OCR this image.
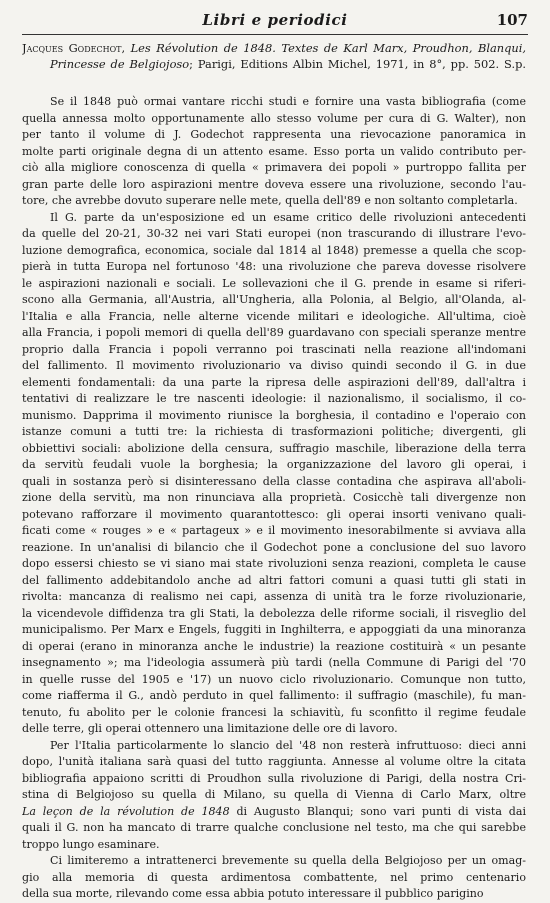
Libri e periodici	107
Jacques Godechot, Les Révolution de 1848. Textes de Karl Marx, Proudhon, Blanqui,
Princesse de Belgiojoso; Parigi, Editions Albin Michel, 1971, in 8°, pp. 502. S.p.
Se il 1848 può ormai vantare ricchi studi e fornire una vasta bibliografia (come
quella annessa molto opportunamente allo stesso volume per cura di G. Walter), non
per tanto il volume di J. Godechot rappresenta una rievocazione panoramica in
molte parti originale degna di un attento esame. Esso porta un valido contributo per-
ciò alla migliore conoscenza di quella « primavera dei popoli » purtroppo fallita per
gran parte delle loro aspirazioni mentre doveva essere una rivoluzione, secondo l'au-
tore, che avrebbe dovuto superare nelle mete, quella dell'89 e non soltanto completarla.
Il G. parte da un'esposizione ed un esame critico delle rivoluzioni antecedenti
da quelle del 20-21, 30-32 nei vari Stati europei (non trascurando di illustrare l'evo-
luzione demografica, economica, sociale dal 1814 al 1848) premesse a quella che scop-
pierà in tutta Europa nel fortunoso '48: una rivoluzione che pareva dovesse risolvere
le aspirazioni nazionali e sociali. Le sollevazioni che il G. prende in esame si riferi-
scono alla Germania, all'Austria, all'Ungheria, alla Polonia, al Belgio, all'Olanda, al-
l'Italia e alla Francia, nelle alterne vicende militari e ideologiche. All'ultima, cioè
alla Francia, i popoli memori di quella dell'89 guardavano con speciali speranze mentre
proprio dalla Francia i popoli verranno poi trascinati nella reazione all'indomani
del fallimento. Il movimento rivoluzionario va diviso quindi secondo il G. in due
elementi fondamentali: da una parte la ripresa delle aspirazioni dell'89, dall'altra i
tentativi di realizzare le tre nascenti ideologie: il nazionalismo, il socialismo, il co-
munismo. Dapprima il movimento riunisce la borghesia, il contadino e l'operaio con
istanze comuni a tutti tre: la richiesta di trasformazioni politiche; divergenti, gli
obbiettivi sociali: abolizione della censura, suffragio maschile, liberazione della terra
da servitù feudali vuole la borghesia; la organizzazione del lavoro gli operai, i
quali in sostanza però si disinteressano della classe contadina che aspirava all'aboli-
zione della servitù, ma non rinunciava alla proprietà. Cosicchè tali divergenze non
potevano rafforzare il movimento quarantottesco: gli operai insorti venivano quali-
ficati come « rouges » e « partageux » e il movimento inesorabilmente si avviava alla
reazione. In un'analisi di bilancio che il Godechot pone a conclusione del suo lavoro
dopo essersi chiesto se vi siano mai state rivoluzioni senza reazioni, completa le cause
del fallimento addebitandolo anche ad altri fattori comuni a quasi tutti gli stati in
rivolta: mancanza di realismo nei capi, assenza di unità tra le forze rivoluzionarie,
la vicendevole diffidenza tra gli Stati, la debolezza delle riforme sociali, il risveglio del
municipalismo. Per Marx e Engels, fuggiti in Inghilterra, e appoggiati da una minoranza
di operai (erano in minoranza anche le industrie) la reazione costituirà « un pesante
insegnamento »; ma l'ideologia assumerà più tardi (nella Commune di Parigi del '70
in quelle russe del 1905 e '17) un nuovo ciclo rivoluzionario. Comunque non tutto,
come riafferma il G., andò perduto in quel fallimento: il suffragio (maschile), fu man-
tenuto, fu abolito per le colonie francesi la schiavitù, fu sconfitto il regime feudale
delle terre, gli operai ottennero una limitazione delle ore di lavoro.
Per l'Italia particolarmente lo slancio del '48 non resterà infruttuoso: dieci anni
dopo, l'unità italiana sarà quasi del tutto raggiunta. Annesse al volume oltre la citata
bibliografia appaiono scritti di Proudhon sulla rivoluzione di Parigi, della nostra Cri-
stina di Belgiojoso su quella di Milano, su quella di Vienna di Carlo Marx, oltre
La leçon de la révolution de 1848 di Augusto Blanqui; sono vari punti di vista dai
quali il G. non ha mancato di trarre qualche conclusione nel testo, ma che qui sarebbe
troppo lungo esaminare.
Ci limiteremo a intrattenerci brevemente su quella della Belgiojoso per un omag-
gio alla memoria di questa ardimentosa combattente, nel primo centenario
della sua morte, rilevando come essa abbia potuto interessare il pubblico parigino
